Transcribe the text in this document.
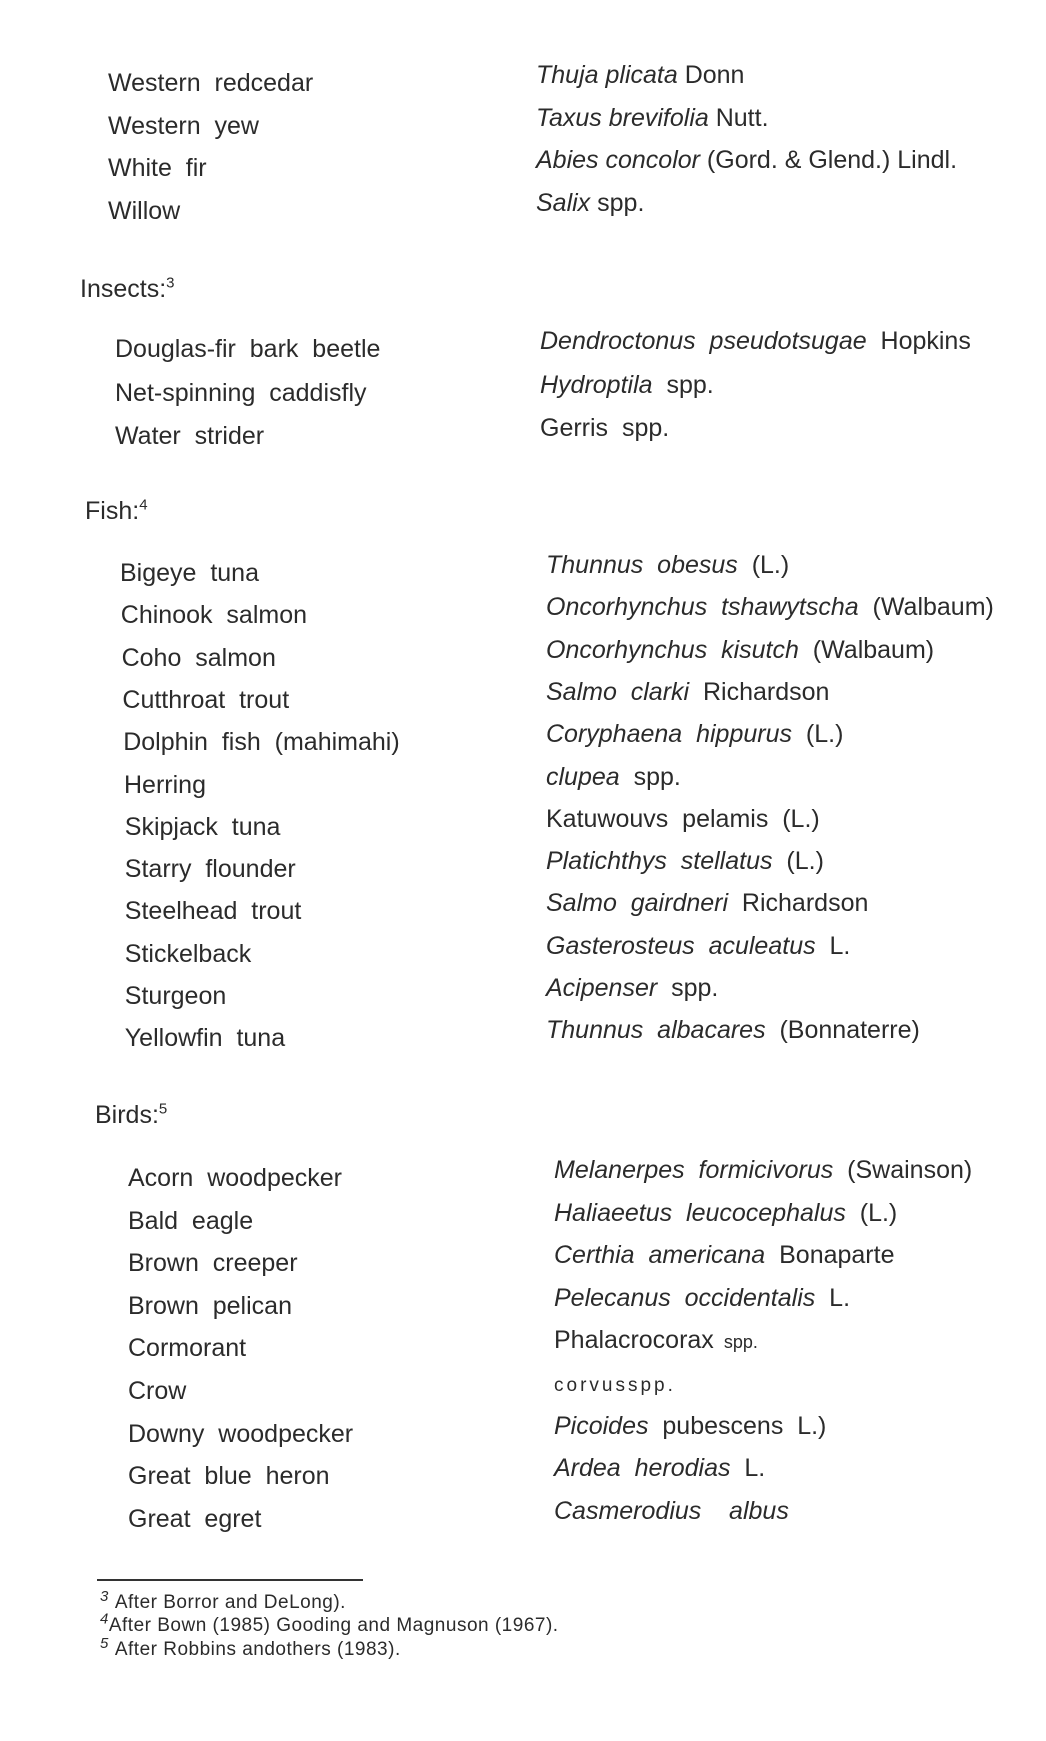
Insects:$^3$
Fish:$^4$
Birds:$^5$
$^3$ After Borror and DeLong).
$^4$After Bown (1985) Gooding and Magnuson (1967).
$^5$ After Robbins andothers (1983).
Western  redcedar	Thuja plicata Donn
Western  yew	Taxus brevifolia Nutt.
White  fir	Abies concolor (Gord. & Glend.) Lindl.
Willow	Salix spp.
Douglas-fir  bark  beetle	Dendroctonus  pseudotsugae  Hopkins
Net-spinning  caddisfly	Hydroptila  spp.
Water  strider	Gerris  spp.
Bigeye  tuna	Thunnus  obesus  (L.)
Chinook  salmon	Oncorhynchus  tshawytscha  (Walbaum)
Coho  salmon	Oncorhynchus  kisutch  (Walbaum)
Cutthroat  trout	Salmo  clarki  Richardson
Dolphin  fish  (mahimahi)	Coryphaena  hippurus  (L.)
Herring	clupea  spp.
Skipjack  tuna	Katuwouvs  pelamis  (L.)
Starry  flounder	Platichthys  stellatus  (L.)
Steelhead  trout	Salmo  gairdneri  Richardson
Stickelback	Gasterosteus  aculeatus  L.
Sturgeon	Acipenser  spp.
Yellowfin  tuna	Thunnus  albacares  (Bonnaterre)
Acorn  woodpecker	Melanerpes  formicivorus  (Swainson)
Bald  eagle	Haliaeetus  leucocephalus  (L.)
Brown  creeper	Certhia  americana  Bonaparte
Brown  pelican	Pelecanus  occidentalis  L.
Cormorant	Phalacrocorax  spp.
Crow	corvusspp.
Downy  woodpecker	Picoides  pubescens  L.)
Great  blue  heron	Ardea  herodias  L.
Great  egret	Casmerodius    albus
